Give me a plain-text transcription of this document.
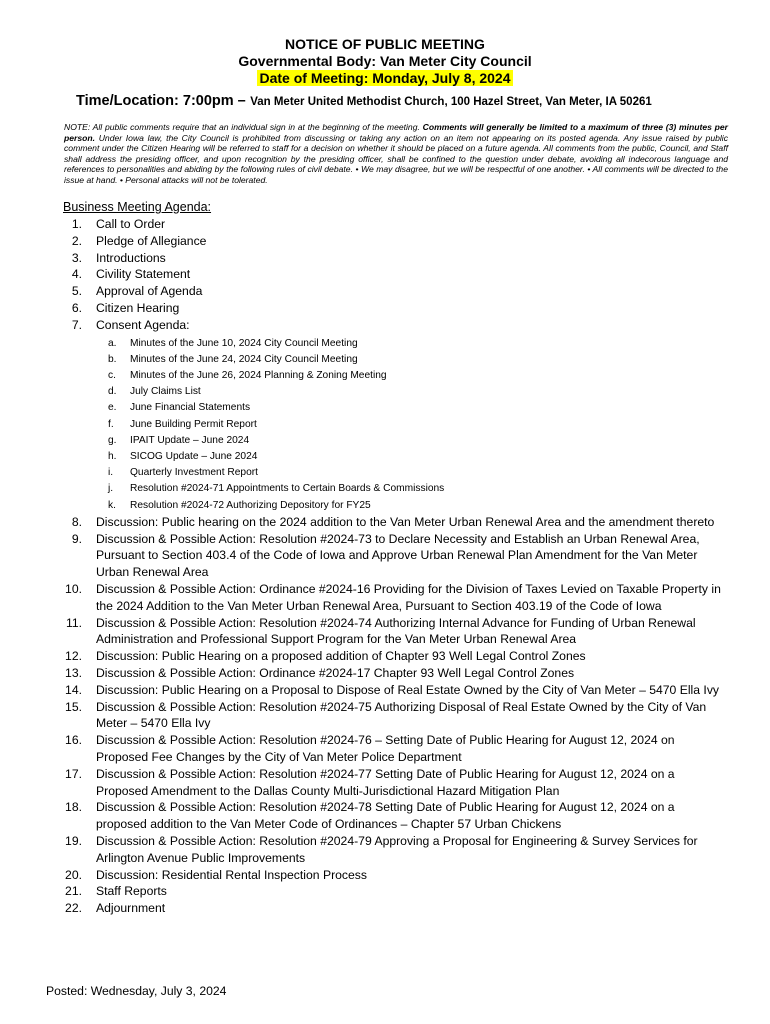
NOTICE OF PUBLIC MEETING
Governmental Body: Van Meter City Council
Date of Meeting: Monday, July 8, 2024
Time/Location: 7:00pm – Van Meter United Methodist Church, 100 Hazel Street, Van Meter, IA 50261
NOTE: All public comments require that an individual sign in at the beginning of the meeting. Comments will generally be limited to a maximum of three (3) minutes per person. Under Iowa law, the City Council is prohibited from discussing or taking any action on an item not appearing on its posted agenda. Any issue raised by public comment under the Citizen Hearing will be referred to staff for a decision on whether it should be placed on a future agenda. All comments from the public, Council, and Staff shall address the presiding officer, and upon recognition by the presiding officer, shall be confined to the question under debate, avoiding all indecorous language and references to personalities and abiding by the following rules of civil debate. • We may disagree, but we will be respectful of one another. • All comments will be directed to the issue at hand. • Personal attacks will not be tolerated.
Business Meeting Agenda:
1. Call to Order
2. Pledge of Allegiance
3. Introductions
4. Civility Statement
5. Approval of Agenda
6. Citizen Hearing
7. Consent Agenda:
a. Minutes of the June 10, 2024 City Council Meeting
b. Minutes of the June 24, 2024 City Council Meeting
c. Minutes of the June 26, 2024 Planning & Zoning Meeting
d. July Claims List
e. June Financial Statements
f. June Building Permit Report
g. IPAIT Update – June 2024
h. SICOG Update – June 2024
i. Quarterly Investment Report
j. Resolution #2024-71 Appointments to Certain Boards & Commissions
k. Resolution #2024-72 Authorizing Depository for FY25
8. Discussion: Public hearing on the 2024 addition to the Van Meter Urban Renewal Area and the amendment thereto
9. Discussion & Possible Action: Resolution #2024-73 to Declare Necessity and Establish an Urban Renewal Area, Pursuant to Section 403.4 of the Code of Iowa and Approve Urban Renewal Plan Amendment for the Van Meter Urban Renewal Area
10. Discussion & Possible Action: Ordinance #2024-16 Providing for the Division of Taxes Levied on Taxable Property in the 2024 Addition to the Van Meter Urban Renewal Area, Pursuant to Section 403.19 of the Code of Iowa
11. Discussion & Possible Action: Resolution #2024-74 Authorizing Internal Advance for Funding of Urban Renewal Administration and Professional Support Program for the Van Meter Urban Renewal Area
12. Discussion: Public Hearing on a proposed addition of Chapter 93 Well Legal Control Zones
13. Discussion & Possible Action: Ordinance #2024-17 Chapter 93 Well Legal Control Zones
14. Discussion: Public Hearing on a Proposal to Dispose of Real Estate Owned by the City of Van Meter – 5470 Ella Ivy
15. Discussion & Possible Action: Resolution #2024-75 Authorizing Disposal of Real Estate Owned by the City of Van Meter – 5470 Ella Ivy
16. Discussion & Possible Action: Resolution #2024-76 – Setting Date of Public Hearing for August 12, 2024 on Proposed Fee Changes by the City of Van Meter Police Department
17. Discussion & Possible Action: Resolution #2024-77 Setting Date of Public Hearing for August 12, 2024 on a Proposed Amendment to the Dallas County Multi-Jurisdictional Hazard Mitigation Plan
18. Discussion & Possible Action: Resolution #2024-78 Setting Date of Public Hearing for August 12, 2024 on a proposed addition to the Van Meter Code of Ordinances – Chapter 57 Urban Chickens
19. Discussion & Possible Action: Resolution #2024-79 Approving a Proposal for Engineering & Survey Services for Arlington Avenue Public Improvements
20. Discussion: Residential Rental Inspection Process
21. Staff Reports
22. Adjournment
Posted: Wednesday, July 3, 2024
